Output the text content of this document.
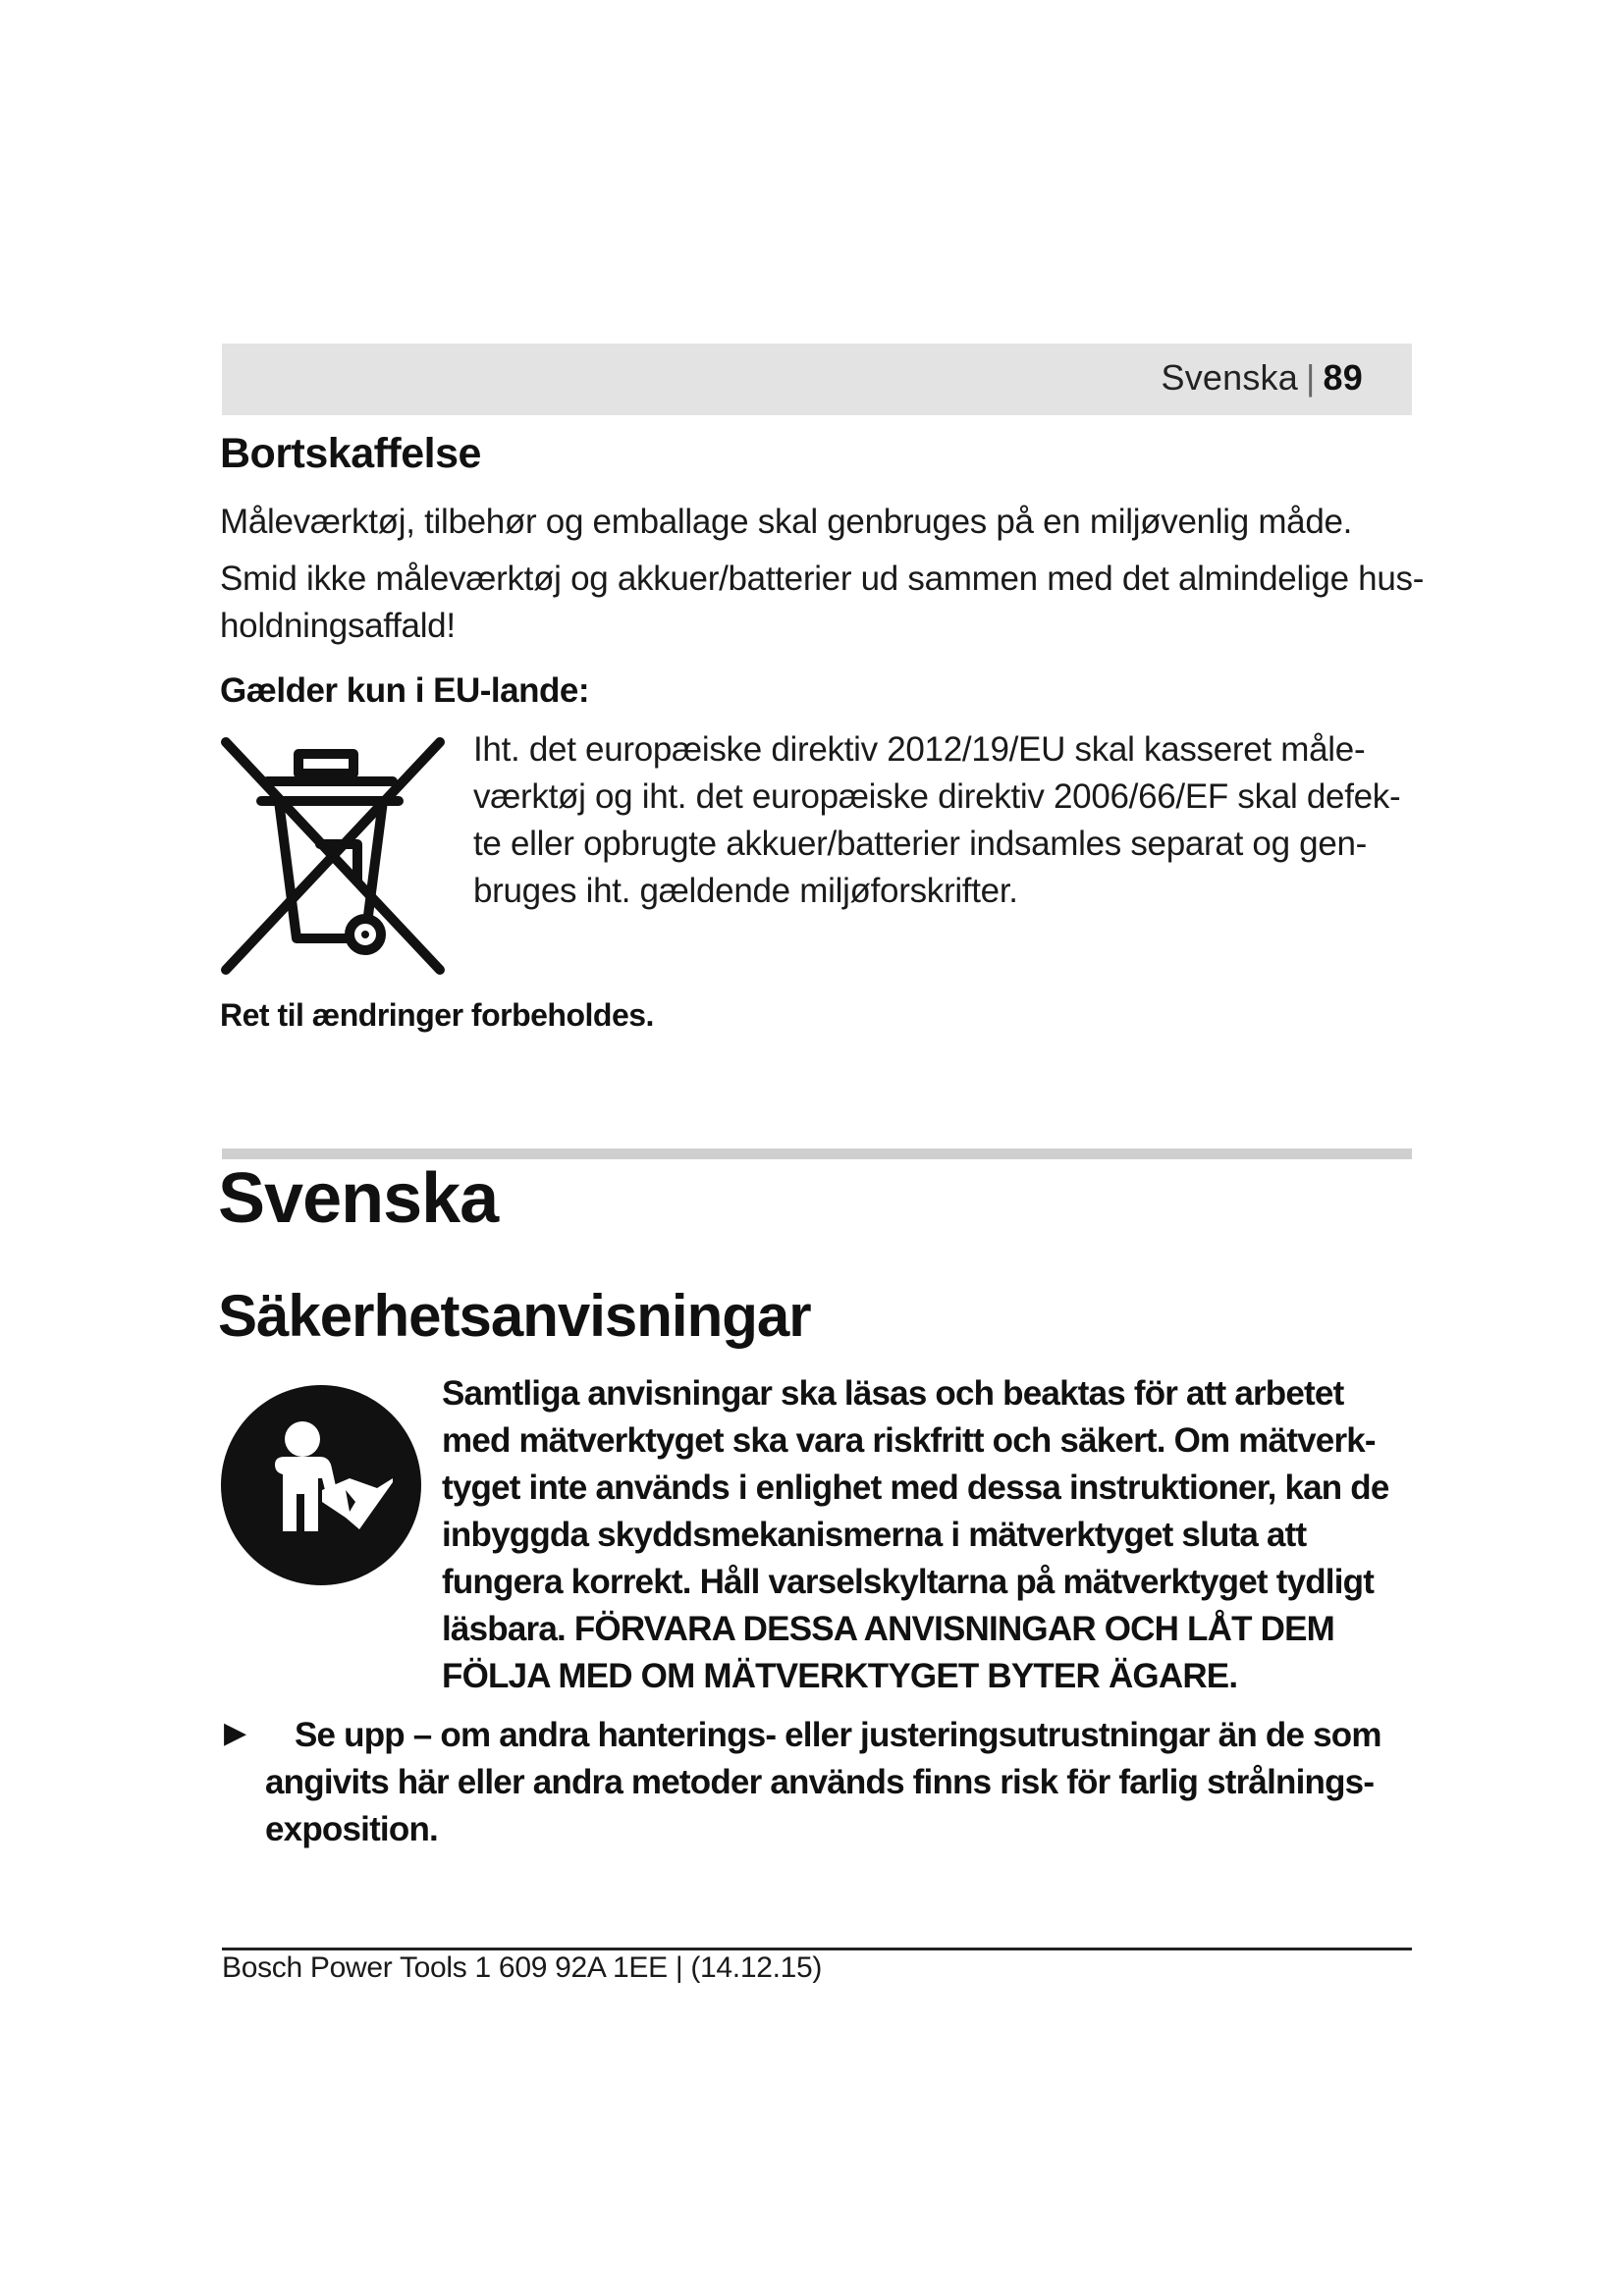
Svenska | 89
Bortskaffelse
Måleværktøj, tilbehør og emballage skal genbruges på en miljøvenlig måde.
Smid ikke måleværktøj og akkuer/batterier ud sammen med det almindelige hus-
holdningsaffald!
Gælder kun i EU-lande:
Iht. det europæiske direktiv 2012/19/EU skal kasseret måle-
værktøj og iht. det europæiske direktiv 2006/66/EF skal defek-
te eller opbrugte akkuer/batterier indsamles separat og gen-
bruges iht. gældende miljøforskrifter.
Ret til ændringer forbeholdes.
Svenska
Säkerhetsanvisningar
Samtliga anvisningar ska läsas och beaktas för att arbetet
med mätverktyget ska vara riskfritt och säkert. Om mätverk-
tyget inte används i enlighet med dessa instruktioner, kan de
inbyggda skyddsmekanismerna i mätverktyget sluta att
fungera korrekt. Håll varselskyltarna på mätverktyget tydligt
läsbara. FÖRVARA DESSA ANVISNINGAR OCH LÅT DEM
FÖLJA MED OM MÄTVERKTYGET BYTER ÄGARE.
▶ Se upp – om andra hanterings- eller justeringsutrustningar än de som
angivits här eller andra metoder används finns risk för farlig strålnings-
exposition.
Bosch Power Tools 1 609 92A 1EE | (14.12.15)
